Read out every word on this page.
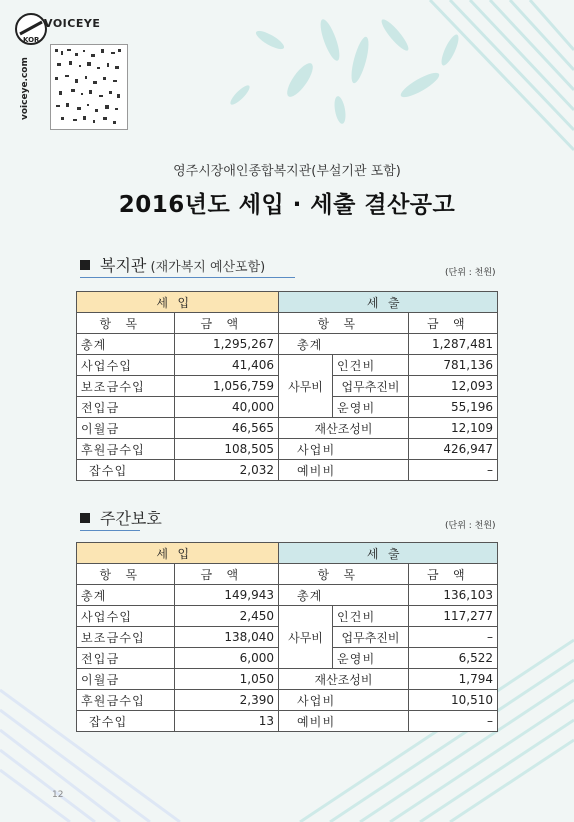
KOR
voiceye.com
VOICEYE
영주시장애인종합복지관(부설기관 포함)
2016년도 세입 · 세출 결산공고
복지관 (재가복지 예산포함)	(단위 : 천원)
세입		세출		
항목	금액	항목		금액
총계	1,295,267	총계		1,287,481
사업수입	41,406	사무비	인건비	781,136
보조금수입	1,056,759		업무추진비	12,093
전입금	40,000		운영비	55,196
이월금	46,565	재산조성비		12,109
후원금수입	108,505	사업비		426,947
잡수입	2,032	예비비		–
주간보호	(단위 : 천원)
세입		세출		
항목	금액	항목		금액
총계	149,943	총계		136,103
사업수입	2,450	사무비	인건비	117,277
보조금수입	138,040		업무추진비	–
전입금	6,000		운영비	6,522
이월금	1,050	재산조성비		1,794
후원금수입	2,390	사업비		10,510
잡수입	13	예비비		–
12
